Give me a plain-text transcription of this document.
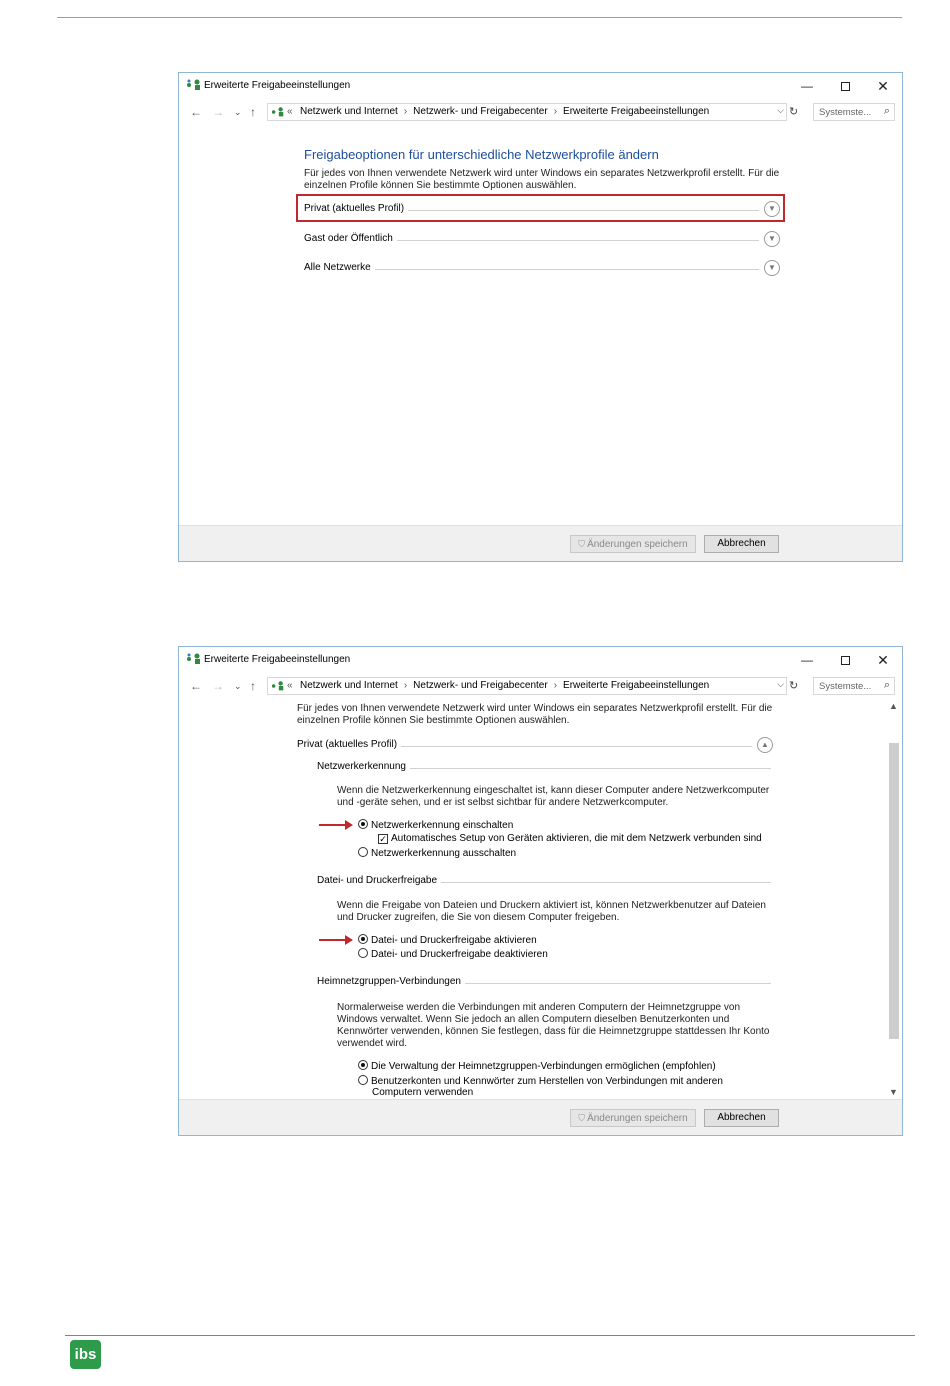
Erweiterte Freigabeeinstellungen	—	✕
← → ⌄ ↑	« Netzwerk und Internet › Netzwerk- und Freigabecenter › Erweiterte Freigabeeinstellungen	⌵ ↻ Systemste... ⌕
Freigabeoptionen für unterschiedliche Netzwerkprofile ändern
Für jedes von Ihnen verwendete Netzwerk wird unter Windows ein separates Netzwerkprofil erstellt. Für die
einzelnen Profile können Sie bestimmte Optionen auswählen.
Privat (aktuelles Profil)	▼
Gast oder Öffentlich	▼
Alle Netzwerke	▼
⛉ Änderungen speichern	Abbrechen
Erweiterte Freigabeeinstellungen	—	✕
← → ⌄ ↑	« Netzwerk und Internet › Netzwerk- und Freigabecenter › Erweiterte Freigabeeinstellungen	⌵ ↻ Systemste... ⌕
Für jedes von Ihnen verwendete Netzwerk wird unter Windows ein separates Netzwerkprofil erstellt. Für die
einzelnen Profile können Sie bestimmte Optionen auswählen.
Privat (aktuelles Profil)	▲
Netzwerkerkennung
Wenn die Netzwerkerkennung eingeschaltet ist, kann dieser Computer andere Netzwerkcomputer
und -geräte sehen, und er ist selbst sichtbar für andere Netzwerkcomputer.
Netzwerkerkennung einschalten
✓ Automatisches Setup von Geräten aktivieren, die mit dem Netzwerk verbunden sind
Netzwerkerkennung ausschalten
Datei- und Druckerfreigabe
Wenn die Freigabe von Dateien und Druckern aktiviert ist, können Netzwerkbenutzer auf Dateien
und Drucker zugreifen, die Sie von diesem Computer freigeben.
Datei- und Druckerfreigabe aktivieren
Datei- und Druckerfreigabe deaktivieren
Heimnetzgruppen-Verbindungen
Normalerweise werden die Verbindungen mit anderen Computern der Heimnetzgruppe von
Windows verwaltet. Wenn Sie jedoch an allen Computern dieselben Benutzerkonten und
Kennwörter verwenden, können Sie festlegen, dass für die Heimnetzgruppe stattdessen Ihr Konto
verwendet wird.
Die Verwaltung der Heimnetzgruppen-Verbindungen ermöglichen (empfohlen)
Benutzerkonten und Kennwörter zum Herstellen von Verbindungen mit anderen
Computern verwenden
▲
▼
⛉ Änderungen speichern	Abbrechen
ibs
